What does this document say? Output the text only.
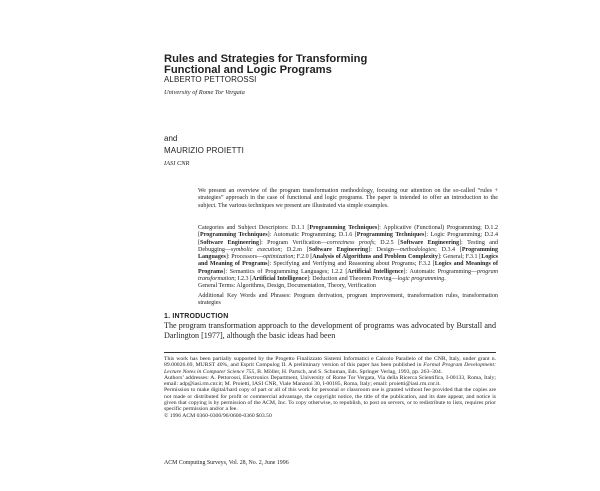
Rules and Strategies for Transforming Functional and Logic Programs
ALBERTO PETTOROSSI
University of Rome Tor Vergata
and
MAURIZIO PROIETTI
IASI CNR

We present an overview of the program transformation methodology, focusing our attention on the so-called “rules + strategies” approach in the case of functional and logic programs. The paper is intended to offer an introduction to the subject. The various techniques we present are illustrated via simple examples.

Categories and Subject Descriptors: D.1.1 [Programming Techniques]: Applicative (Functional) Programming; D.1.2 [Programming Techniques]: Automatic Programming; D.1.6 [Programming Techniques]: Logic Programming; D.2.4 [Software Engineering]: Program Verification—correctness proofs; D.2.5 [Software Engineering]: Testing and Debugging—symbolic execution; D.2.m [Software Engineering]: Design—methodologies; D.3.4 [Programming Languages]: Processors—optimization; F.2.0 [Analysis of Algorithms and Problem Complexity]: General; F.3.1 [Logics and Meaning of Programs]: Specifying and Verifying and Reasoning about Programs; F.3.2 [Logics and Meanings of Programs]: Semantics of Programming Languages; I.2.2 [Artificial Intelligence]: Automatic Programming—program transformation; I.2.3 [Artificial Intelligence]: Deduction and Theorem Proving—logic programming.

General Terms: Algorithms, Design, Documentation, Theory, Verification

Additional Key Words and Phrases: Program derivation, program improvement, transformation rules, transformation strategies

1. INTRODUCTION
The program transformation approach to the development of programs was advocated by Burstall and Darlington [1977], although the basic ideas had been

This work has been partially supported by the Progetto Finalizzato Sistemi Informatici e Calcolo Parallelo of the CNR, Italy, under grant n. 89.00026.69, MURST 40%, and Esprit Compulog II. A preliminary version of this paper has been published in Formal Program Development: Lecture Notes in Computer Science 755, B. Möller, H. Partsch, and S. Schuman, Eds. Springer Verlag, 1993, pp. 263–304.

Authors’ addresses: A. Pettorossi, Electronics Department, University of Rome Tor Vergata, Via della Ricerca Scientifica, I-00133, Roma, Italy; email: adp@iasi.rm.cnr.it; M. Proietti, IASI CNR, Viale Manzoni 30, I-00185, Roma, Italy; email: proietti@iasi.rm.cnr.it.

Permission to make digital/hard copy of part or all of this work for personal or classroom use is granted without fee provided that the copies are not made or distributed for profit or commercial advantage, the copyright notice, the title of the publication, and its date appear, and notice is given that copying is by permission of the ACM, Inc. To copy otherwise, to republish, to post on servers, or to redistribute to lists, requires prior specific permission and/or a fee.

© 1996 ACM 0360-0300/96/0600-0360 $03.50

ACM Computing Surveys, Vol. 28, No. 2, June 1996
